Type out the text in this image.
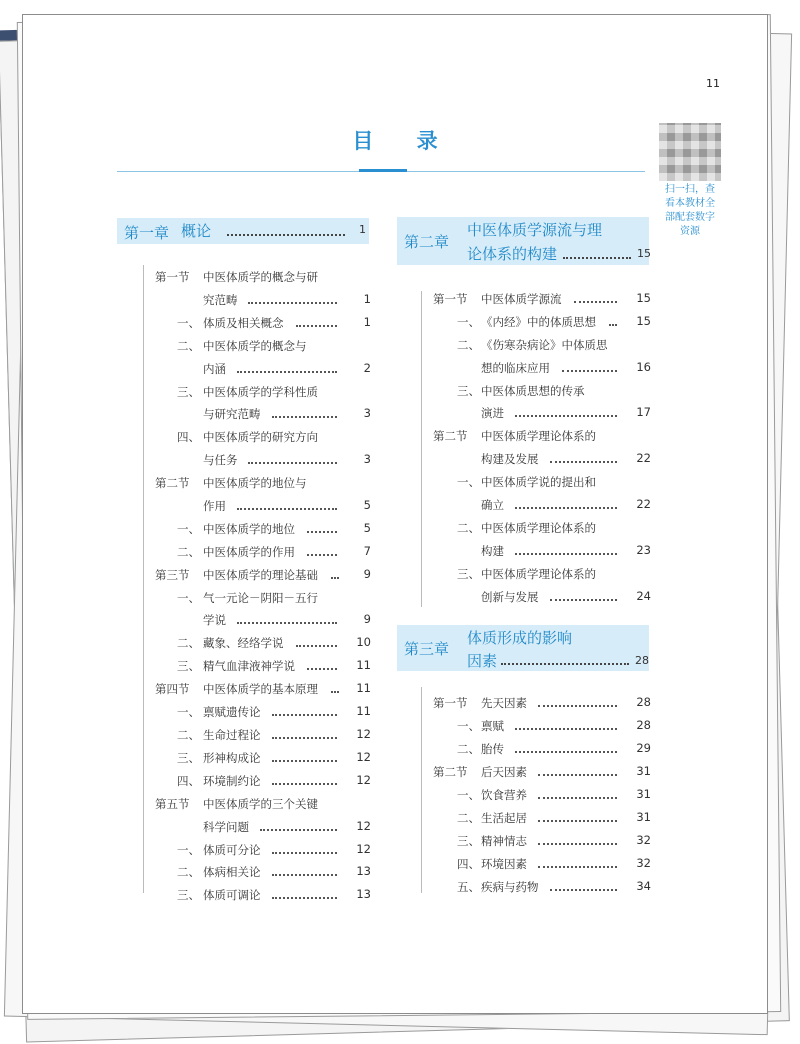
11
目 录
扫一扫，查
看本教材全
部配套数字
资源
第一章 概论	1
第二章
中医体质学源流与理
论体系的构建	15
第三章
体质形成的影响
因素	28
第一节 中医体质学的概念与研
究范畴	1
一、 体质及相关概念	1
二、 中医体质学的概念与
内涵	2
三、 中医体质学的学科性质
与研究范畴	3
四、 中医体质学的研究方向
与任务	3
第二节 中医体质学的地位与
作用	5
一、 中医体质学的地位	5
二、 中医体质学的作用	7
第三节 中医体质学的理论基础	9
一、 气一元论－阴阳－五行
学说	9
二、 藏象、经络学说	10
三、 精气血津液神学说	11
第四节 中医体质学的基本原理	11
一、 禀赋遗传论	11
二、 生命过程论	12
三、 形神构成论	12
四、 环境制约论	12
第五节 中医体质学的三个关键
科学问题	12
一、 体质可分论	12
二、 体病相关论	13
三、 体质可调论	13
第一节 中医体质学源流	15
一、 《内经》中的体质思想	15
二、 《伤寒杂病论》中体质思
想的临床应用	16
三、 中医体质思想的传承
演进	17
第二节 中医体质学理论体系的
构建及发展	22
一、 中医体质学说的提出和
确立	22
二、 中医体质学理论体系的
构建	23
三、 中医体质学理论体系的
创新与发展	24
第一节 先天因素	28
一、 禀赋	28
二、 胎传	29
第二节 后天因素	31
一、 饮食营养	31
二、 生活起居	31
三、 精神情志	32
四、 环境因素	32
五、 疾病与药物	34
